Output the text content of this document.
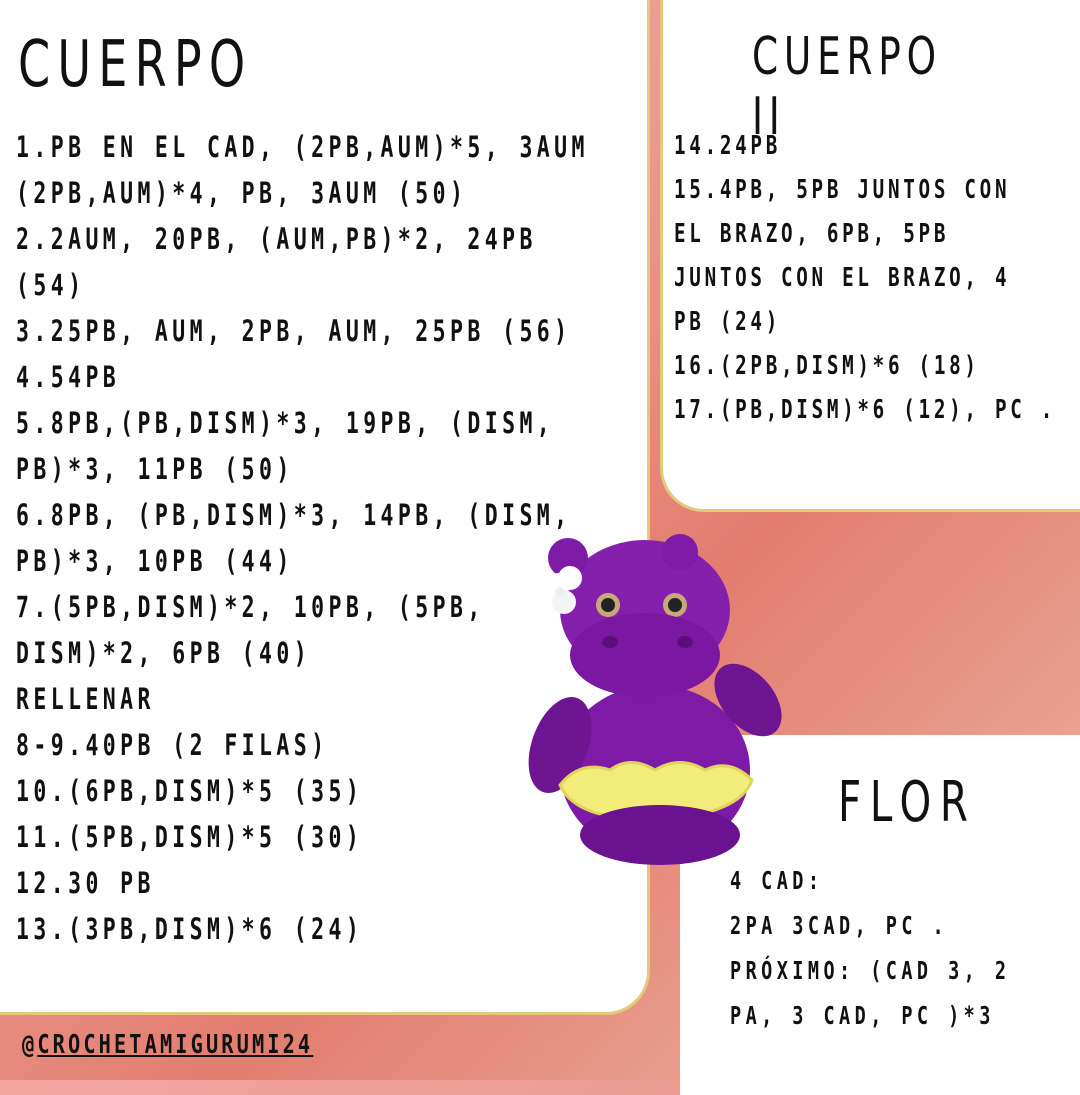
CUERPO
1.PB EN EL CAD, (2PB,AUM)*5, 3AUM
(2PB,AUM)*4, PB, 3AUM (50)
2.2AUM, 20PB, (AUM,PB)*2, 24PB
(54)
3.25PB, AUM, 2PB, AUM, 25PB (56)
4.54PB
5.8PB,(PB,DISM)*3, 19PB, (DISM,
PB)*3, 11PB (50)
6.8PB, (PB,DISM)*3, 14PB, (DISM,
PB)*3, 10PB (44)
7.(5PB,DISM)*2, 10PB, (5PB,
DISM)*2, 6PB (40)
RELLENAR
8-9.40PB (2 FILAS)
10.(6PB,DISM)*5 (35)
11.(5PB,DISM)*5 (30)
12.30 PB
13.(3PB,DISM)*6 (24)
CUERPO II
14.24PB
15.4PB, 5PB JUNTOS CON
EL BRAZO, 6PB, 5PB
JUNTOS CON EL BRAZO, 4
PB (24)
16.(2PB,DISM)*6 (18)
17.(PB,DISM)*6 (12), PC .
FLOR
4 CAD:
2PA 3CAD, PC .
PRÓXIMO: (CAD 3, 2
PA, 3 CAD, PC )*3

@CROCHETAMIGURUMI24
